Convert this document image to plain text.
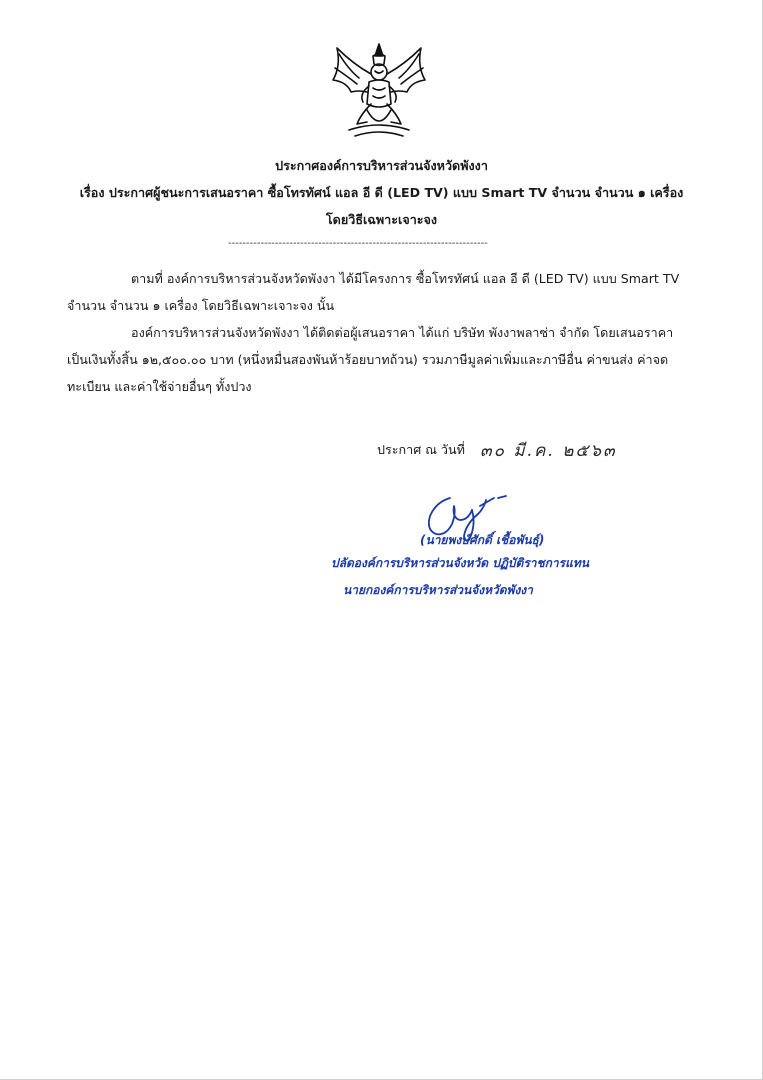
ประกาศองค์การบริหารส่วนจังหวัดพังงา
เรื่อง ประกาศผู้ชนะการเสนอราคา ซื้อโทรทัศน์ แอล อี ดี (LED TV) แบบ Smart TV จำนวน จำนวน ๑ เครื่อง
โดยวิธีเฉพาะเจาะจง
------------------------------------------------------------------------
ตามที่ องค์การบริหารส่วนจังหวัดพังงา ได้มีโครงการ ซื้อโทรทัศน์ แอล อี ดี (LED TV) แบบ Smart TV
จำนวน จำนวน ๑ เครื่อง โดยวิธีเฉพาะเจาะจง นั้น
องค์การบริหารส่วนจังหวัดพังงา ได้ติดต่อผู้เสนอราคา ได้แก่ บริษัท พังงาพลาซ่า จำกัด โดยเสนอราคา
เป็นเงินทั้งสิ้น ๑๒,๕๐๐.๐๐ บาท (หนึ่งหมื่นสองพันห้าร้อยบาทถ้วน) รวมภาษีมูลค่าเพิ่มและภาษีอื่น ค่าขนส่ง ค่าจด
ทะเบียน และค่าใช้จ่ายอื่นๆ ทั้งปวง
ประกาศ ณ วันที่ ๓๐ มี.ค. ๒๕๖๓
(นายพงษ์ศักดิ์ เชื้อพันธุ์)
ปลัดองค์การบริหารส่วนจังหวัด ปฏิบัติราชการแทน
นายกองค์การบริหารส่วนจังหวัดพังงา
